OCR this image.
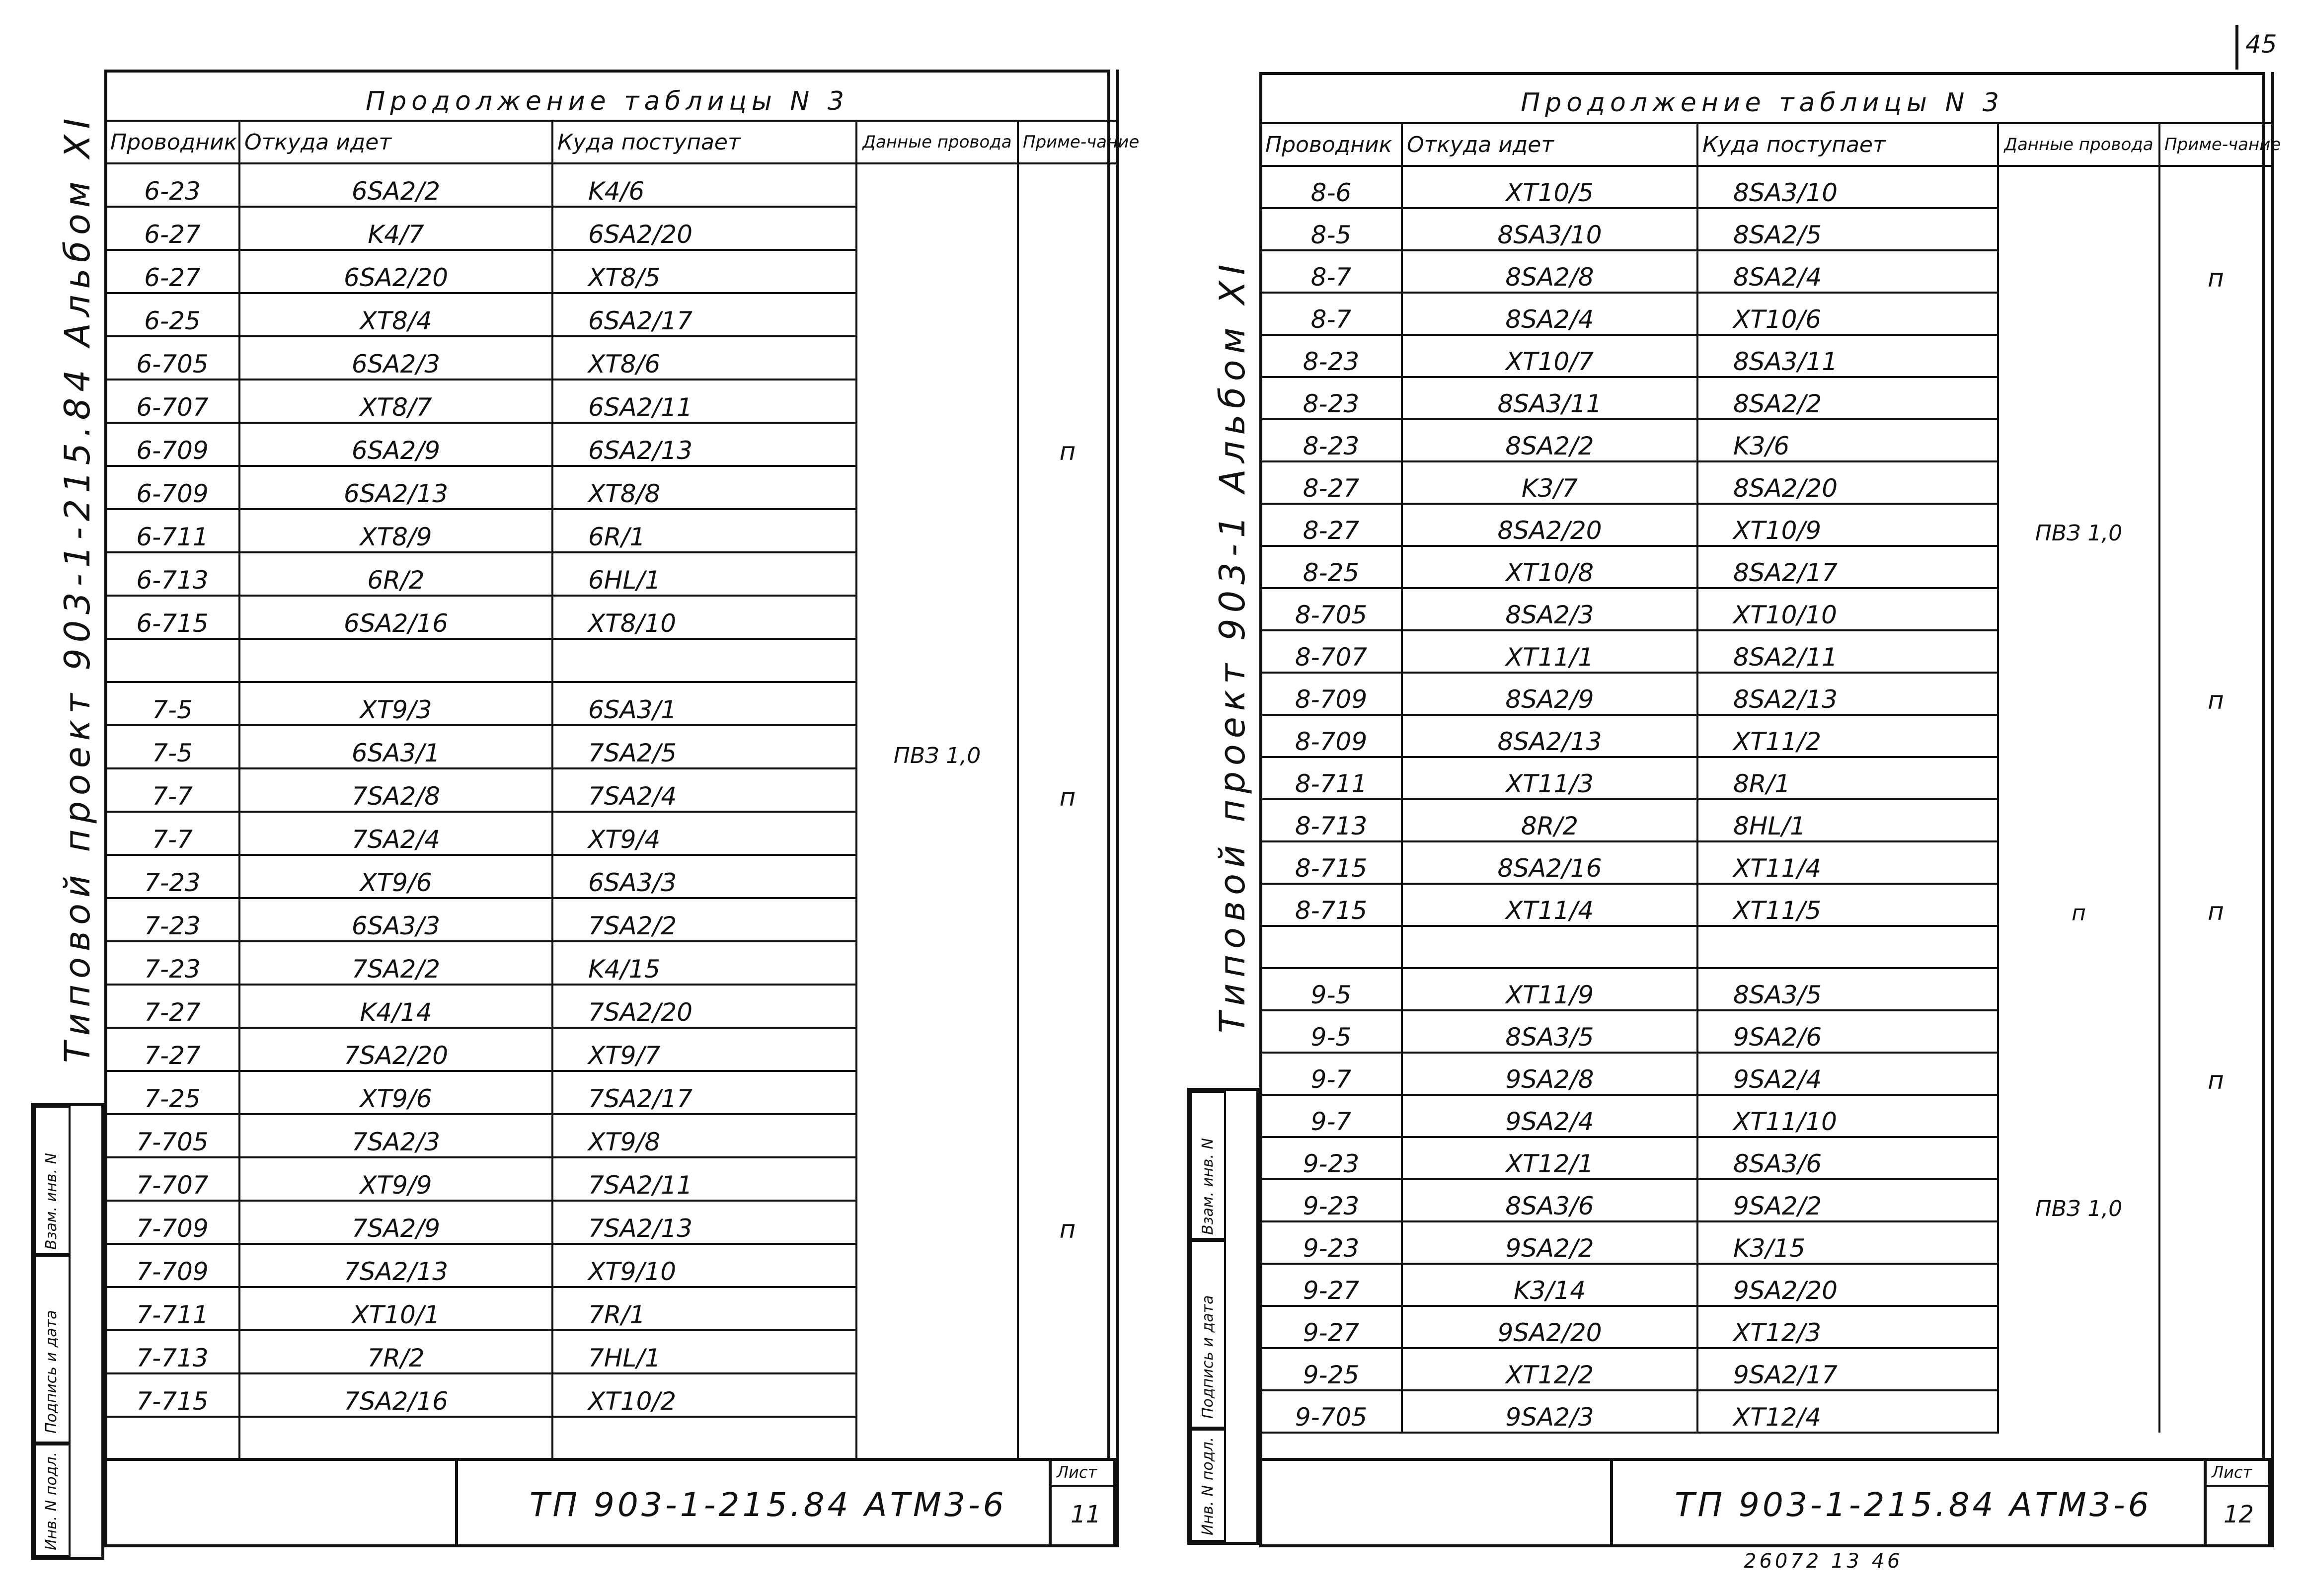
45
Продолжение таблицы N 3
Проводник	Откуда идет	Куда поступает	Данные провода	Приме-чание
6-23	6SA2/2	K4/6		
6-27	K4/7	6SA2/20		
6-27	6SA2/20	XT8/5		
6-25	XT8/4	6SA2/17		
6-705	6SA2/3	XT8/6		
6-707	XT8/7	6SA2/11		
6-709	6SA2/9	6SA2/13		п
6-709	6SA2/13	XT8/8		
6-711	XT8/9	6R/1		
6-713	6R/2	6HL/1		
6-715	6SA2/16	XT8/10		

7-5	XT9/3	6SA3/1		
7-5	6SA3/1	7SA2/5	ПВЗ 1,0	
7-7	7SA2/8	7SA2/4		п
7-7	7SA2/4	XT9/4		
7-23	XT9/6	6SA3/3		
7-23	6SA3/3	7SA2/2		
7-23	7SA2/2	K4/15		
7-27	K4/14	7SA2/20		
7-27	7SA2/20	XT9/7		
7-25	XT9/6	7SA2/17		
7-705	7SA2/3	XT9/8		
7-707	XT9/9	7SA2/11		
7-709	7SA2/9	7SA2/13		п
7-709	7SA2/13	XT9/10		
7-711	XT10/1	7R/1		
7-713	7R/2	7HL/1		
7-715	7SA2/16	XT10/2		

ТП 903-1-215.84 АТМ3-6
Лист
11
Типовой проект 903-1-215.84 Альбом XI
Взам. инв. N
Подпись и дата
Инв. N подл.
Продолжение таблицы N 3
Проводник	Откуда идет	Куда поступает	Данные провода	Приме-чание
8-6	XT10/5	8SA3/10		
8-5	8SA3/10	8SA2/5		
8-7	8SA2/8	8SA2/4		п
8-7	8SA2/4	XT10/6		
8-23	XT10/7	8SA3/11		
8-23	8SA3/11	8SA2/2		
8-23	8SA2/2	K3/6		
8-27	K3/7	8SA2/20		
8-27	8SA2/20	XT10/9	ПВЗ 1,0	
8-25	XT10/8	8SA2/17		
8-705	8SA2/3	XT10/10		
8-707	XT11/1	8SA2/11		
8-709	8SA2/9	8SA2/13		п
8-709	8SA2/13	XT11/2		
8-711	XT11/3	8R/1		
8-713	8R/2	8HL/1		
8-715	8SA2/16	XT11/4		
8-715	XT11/4	XT11/5	п	п

9-5	XT11/9	8SA3/5		
9-5	8SA3/5	9SA2/6		
9-7	9SA2/8	9SA2/4		п
9-7	9SA2/4	XT11/10		
9-23	XT12/1	8SA3/6		
9-23	8SA3/6	9SA2/2	ПВЗ 1,0	
9-23	9SA2/2	K3/15		
9-27	K3/14	9SA2/20		
9-27	9SA2/20	XT12/3		
9-25	XT12/2	9SA2/17		
9-705	9SA2/3	XT12/4		
ТП 903-1-215.84 АТМ3-6
Лист
12
Типовой проект 903-1 Альбом XI
Взам. инв. N
Подпись и дата
Инв. N подл.
26072 13 46
